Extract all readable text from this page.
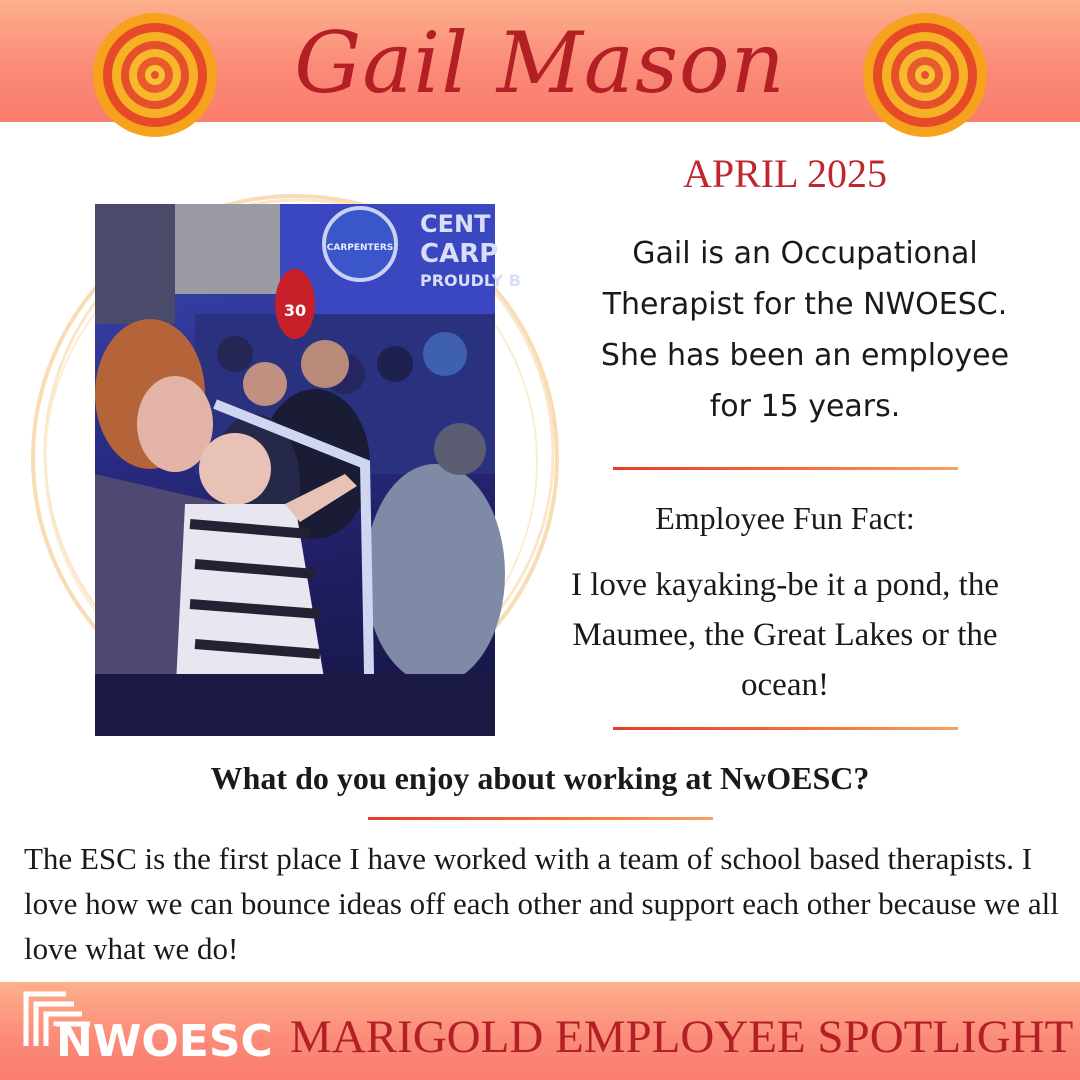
Gail Mason
CARPENTERS
CENT
CARP
PROUDLY B
30
APRIL 2025
Gail is an Occupational Therapist for the NWOESC. She has been an employee for 15 years.
Employee Fun Fact:
I love kayaking-be it a pond, the Maumee, the Great Lakes or the ocean!
What do you enjoy about working at NwOESC?
The ESC is the first place I have worked with a team of school based therapists. I love how we can bounce ideas off each other and support each other because we all love what we do!
NWOESC MARIGOLD EMPLOYEE SPOTLIGHT
